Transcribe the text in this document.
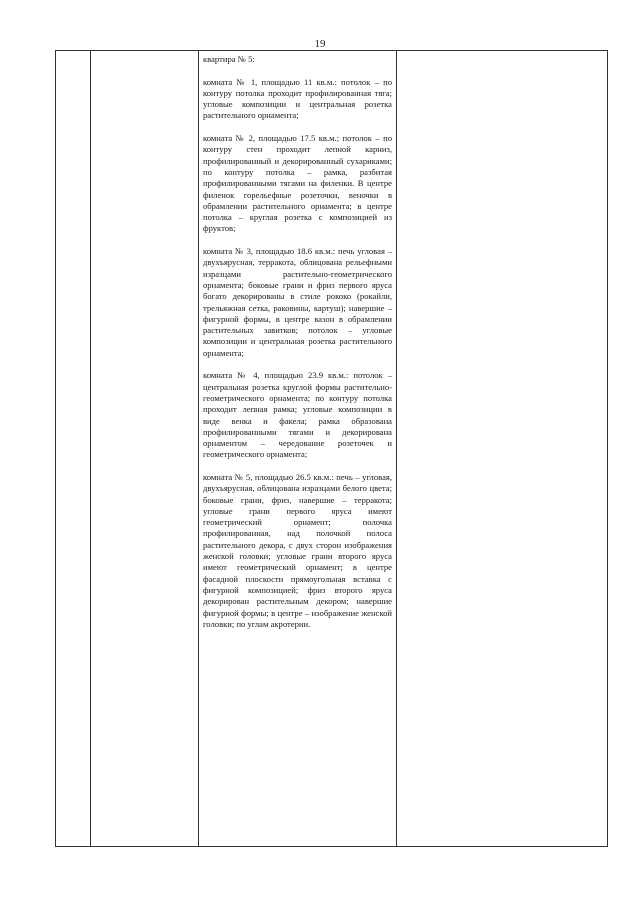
19

квартира № 5:

комната № 1, площадью 11 кв.м.: потолок – по контуру потолка проходит профилированная тяга; угловые композиции и центральная розетка растительного орнамента;

комната № 2, площадью 17.5 кв.м.; потолок – по контуру стен проходит лепной карниз, профилированный и декорированный сухариками; по контуру потолка – рамка, разбитая профилированными тягами на филенки. В центре филенок горельефные розеточки, веночки в обрамлении растительного орнамента; в центре потолка – круглая розетка с композицией из фруктов;

комната № 3, площадью 18.6 кв.м.: печь угловая – двухъярусная, терракота, облицована рельефными изразцами растительно-геометрического орнамента; боковые грани и фриз первого яруса богато декорированы в стиле рококо (рокайли, трельяжная сетка, раковины, картуш); навершие – фигурной формы, в центре вазон в обрамлении растительных завитков; потолок – угловые композиции и центральная розетка растительного орнамента;

комната № 4, площадью 23.9 кв.м.: потолок – центральная розетка круглой формы растительно- геометрического орнамента; по контуру потолка проходит лепная рамка; угловые композиции в виде венка и факела; рамка образована профилированными тягами и декорирована орнаментом – чередование розеточек и геометрического орнамента;

комната № 5, площадью 26.5 кв.м.: печь – угловая, двухъярусная, облицована изразцами белого цвета; боковые грани, фриз, навершие – терракота; угловые грани первого яруса имеют геометрический орнамент; полочка профилированная, над полочкой полоса растительного декора, с двух сторон изображения женской головки; угловые грани второго яруса имеют геометрический орнамент; в центре фасадной плоскости прямоугольная вставка с фигурной композицией; фриз второго яруса декорирован растительным декором; навершие фигурной формы; в центре – изображение женской головки; по углам акротерии.
